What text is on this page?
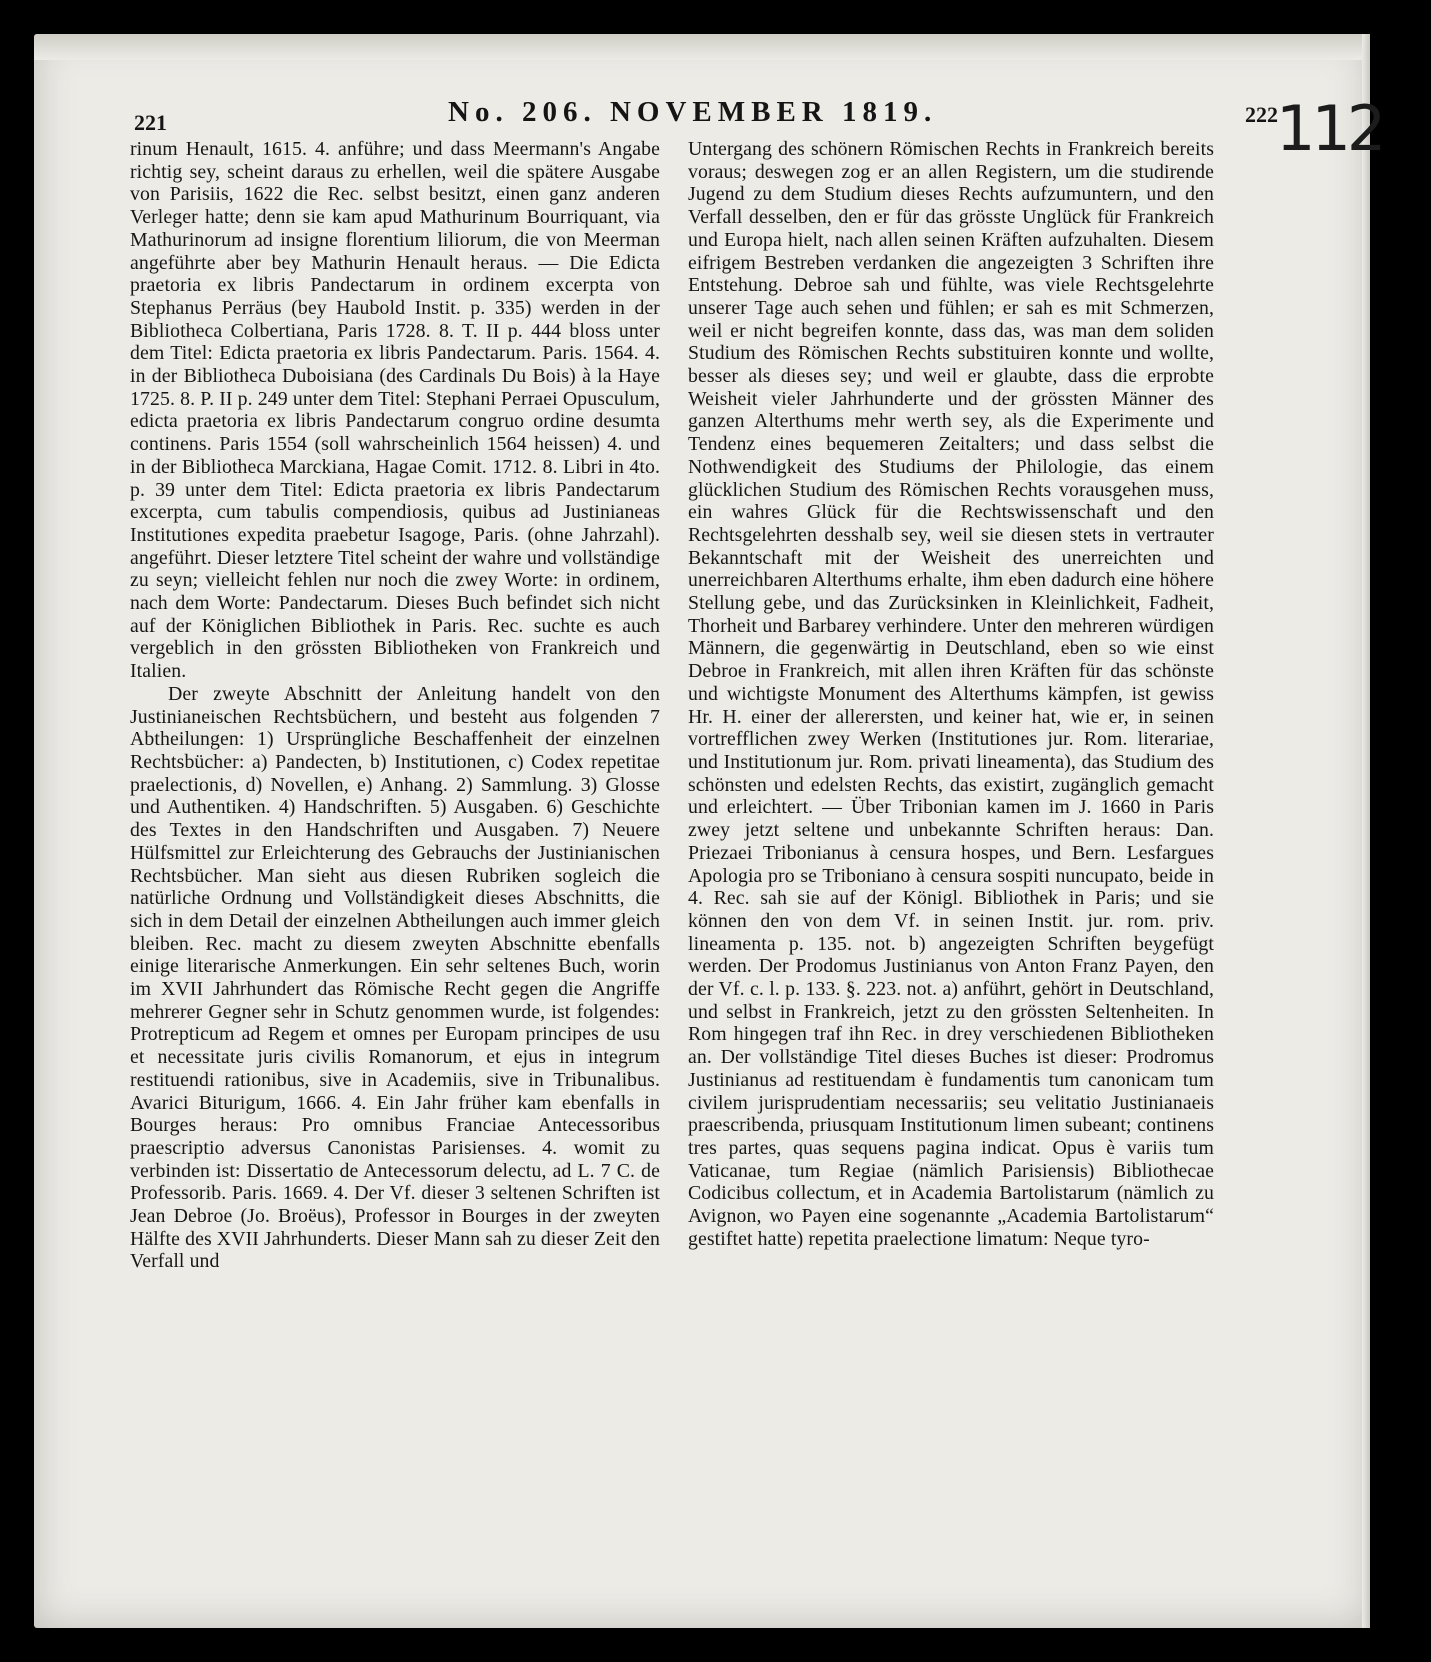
221	No. 206. NOVEMBER 1819.	222
112

rinum Henault, 1615. 4. anführe; und dass Meermann's Angabe richtig sey, scheint daraus zu erhellen, weil die spätere Ausgabe von Parisiis, 1622 die Rec. selbst besitzt, einen ganz anderen Verleger hatte; denn sie kam apud Mathurinum Bourriquant, via Mathurinorum ad insigne florentium liliorum, die von Meerman angeführte aber bey Mathurin Henault heraus. — Die Edicta praetoria ex libris Pandectarum in ordinem excerpta von Stephanus Perräus (bey Haubold Instit. p. 335) werden in der Bibliotheca Colbertiana, Paris 1728. 8. T. II p. 444 bloss unter dem Titel: Edicta praetoria ex libris Pandectarum. Paris. 1564. 4. in der Bibliotheca Duboisiana (des Cardinals Du Bois) à la Haye 1725. 8. P. II p. 249 unter dem Titel: Stephani Perraei Opusculum, edicta praetoria ex libris Pandectarum congruo ordine desumta continens. Paris 1554 (soll wahrscheinlich 1564 heissen) 4. und in der Bibliotheca Marckiana, Hagae Comit. 1712. 8. Libri in 4to. p. 39 unter dem Titel: Edicta praetoria ex libris Pandectarum excerpta, cum tabulis compendiosis, quibus ad Justinianeas Institutiones expedita praebetur Isagoge, Paris. (ohne Jahrzahl). angeführt. Dieser letztere Titel scheint der wahre und vollständige zu seyn; vielleicht fehlen nur noch die zwey Worte: in ordinem, nach dem Worte: Pandectarum. Dieses Buch befindet sich nicht auf der Königlichen Bibliothek in Paris. Rec. suchte es auch vergeblich in den grössten Bibliotheken von Frankreich und Italien.

Der zweyte Abschnitt der Anleitung handelt von den Justinianeischen Rechtsbüchern, und besteht aus folgenden 7 Abtheilungen: 1) Ursprüngliche Beschaffenheit der einzelnen Rechtsbücher: a) Pandecten, b) Institutionen, c) Codex repetitae praelectionis, d) Novellen, e) Anhang. 2) Sammlung. 3) Glosse und Authentiken. 4) Handschriften. 5) Ausgaben. 6) Geschichte des Textes in den Handschriften und Ausgaben. 7) Neuere Hülfsmittel zur Erleichterung des Gebrauchs der Justinianischen Rechtsbücher. Man sieht aus diesen Rubriken sogleich die natürliche Ordnung und Vollständigkeit dieses Abschnitts, die sich in dem Detail der einzelnen Abtheilungen auch immer gleich bleiben. Rec. macht zu diesem zweyten Abschnitte ebenfalls einige literarische Anmerkungen. Ein sehr seltenes Buch, worin im XVII Jahrhundert das Römische Recht gegen die Angriffe mehrerer Gegner sehr in Schutz genommen wurde, ist folgendes: Protrepticum ad Regem et omnes per Europam principes de usu et necessitate juris civilis Romanorum, et ejus in integrum restituendi rationibus, sive in Academiis, sive in Tribunalibus. Avarici Biturigum, 1666. 4. Ein Jahr früher kam ebenfalls in Bourges heraus: Pro omnibus Franciae Antecessoribus praescriptio adversus Canonistas Parisienses. 4. womit zu verbinden ist: Dissertatio de Antecessorum delectu, ad L. 7 C. de Professorib. Paris. 1669. 4. Der Vf. dieser 3 seltenen Schriften ist Jean Debroe (Jo. Broëus), Professor in Bourges in der zweyten Hälfte des XVII Jahrhunderts. Dieser Mann sah zu dieser Zeit den Verfall und

Untergang des schönern Römischen Rechts in Frankreich bereits voraus; deswegen zog er an allen Registern, um die studirende Jugend zu dem Studium dieses Rechts aufzumuntern, und den Verfall desselben, den er für das grösste Unglück für Frankreich und Europa hielt, nach allen seinen Kräften aufzuhalten. Diesem eifrigem Bestreben verdanken die angezeigten 3 Schriften ihre Entstehung. Debroe sah und fühlte, was viele Rechtsgelehrte unserer Tage auch sehen und fühlen; er sah es mit Schmerzen, weil er nicht begreifen konnte, dass das, was man dem soliden Studium des Römischen Rechts substituiren konnte und wollte, besser als dieses sey; und weil er glaubte, dass die erprobte Weisheit vieler Jahrhunderte und der grössten Männer des ganzen Alterthums mehr werth sey, als die Experimente und Tendenz eines bequemeren Zeitalters; und dass selbst die Nothwendigkeit des Studiums der Philologie, das einem glücklichen Studium des Römischen Rechts vorausgehen muss, ein wahres Glück für die Rechtswissenschaft und den Rechtsgelehrten desshalb sey, weil sie diesen stets in vertrauter Bekanntschaft mit der Weisheit des unerreichten und unerreichbaren Alterthums erhalte, ihm eben dadurch eine höhere Stellung gebe, und das Zurücksinken in Kleinlichkeit, Fadheit, Thorheit und Barbarey verhindere. Unter den mehreren würdigen Männern, die gegenwärtig in Deutschland, eben so wie einst Debroe in Frankreich, mit allen ihren Kräften für das schönste und wichtigste Monument des Alterthums kämpfen, ist gewiss Hr. H. einer der allerersten, und keiner hat, wie er, in seinen vortrefflichen zwey Werken (Institutiones jur. Rom. literariae, und Institutionum jur. Rom. privati lineamenta), das Studium des schönsten und edelsten Rechts, das existirt, zugänglich gemacht und erleichtert. — Über Tribonian kamen im J. 1660 in Paris zwey jetzt seltene und unbekannte Schriften heraus: Dan. Priezaei Tribonianus à censura hospes, und Bern. Lesfargues Apologia pro se Triboniano à censura sospiti nuncupato, beide in 4. Rec. sah sie auf der Königl. Bibliothek in Paris; und sie können den von dem Vf. in seinen Instit. jur. rom. priv. lineamenta p. 135. not. b) angezeigten Schriften beygefügt werden. Der Prodomus Justinianus von Anton Franz Payen, den der Vf. c. l. p. 133. §. 223. not. a) anführt, gehört in Deutschland, und selbst in Frankreich, jetzt zu den grössten Seltenheiten. In Rom hingegen traf ihn Rec. in drey verschiedenen Bibliotheken an. Der vollständige Titel dieses Buches ist dieser: Prodromus Justinianus ad restituendam è fundamentis tum canonicam tum civilem jurisprudentiam necessariis; seu velitatio Justinianaeis praescribenda, priusquam Institutionum limen subeant; continens tres partes, quas sequens pagina indicat. Opus è variis tum Vaticanae, tum Regiae (nämlich Parisiensis) Bibliothecae Codicibus collectum, et in Academia Bartolistarum (nämlich zu Avignon, wo Payen eine sogenannte „Academia Bartolistarum“ gestiftet hatte) repetita praelectione limatum: Neque tyro-
